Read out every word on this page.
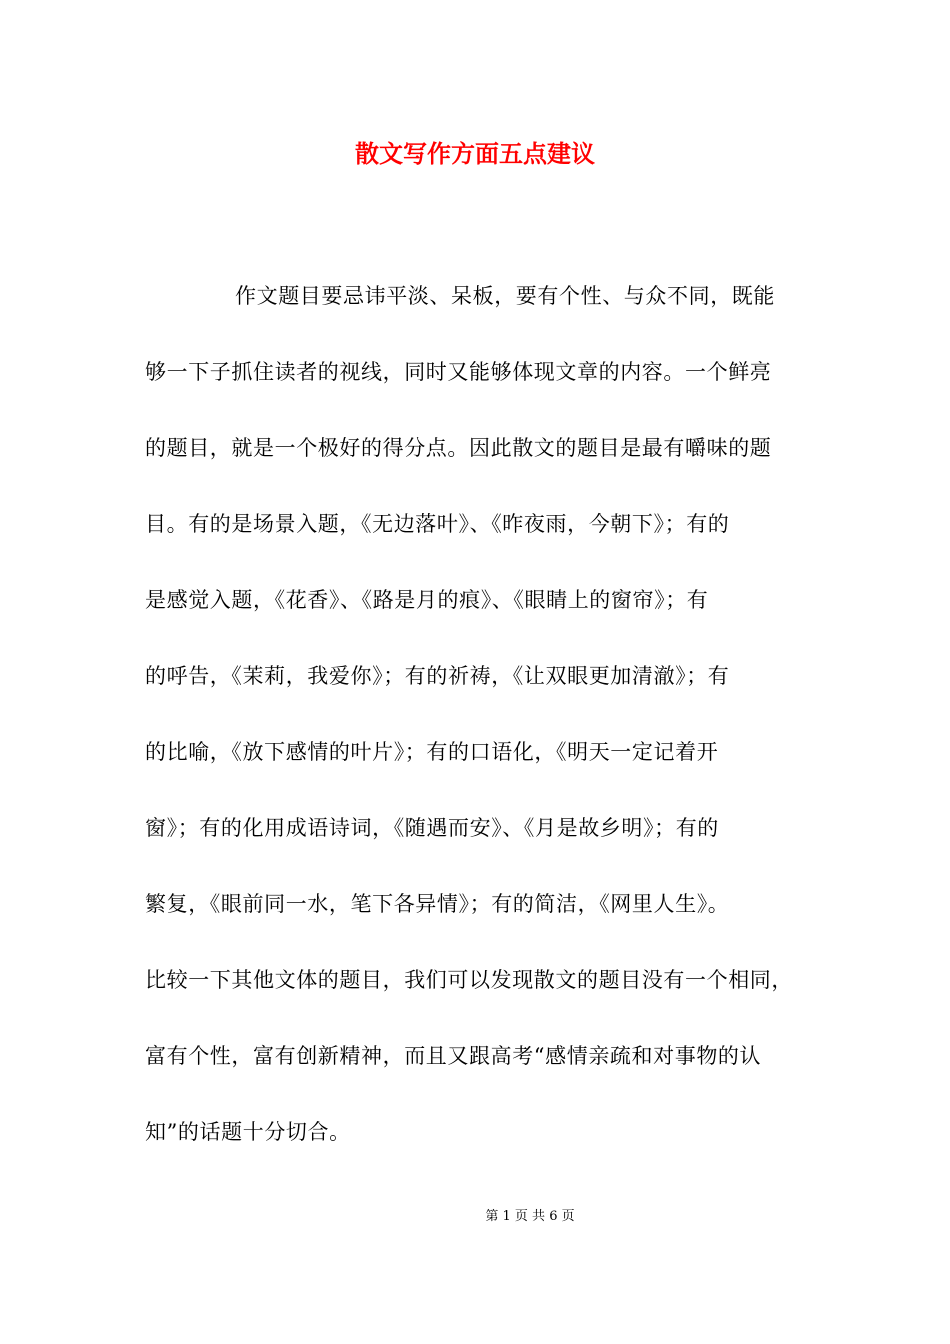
散文写作方面五点建议
作文题目要忌讳平淡、呆板，要有个性、与众不同，既能
够一下子抓住读者的视线，同时又能够体现文章的内容。一个鲜亮
的题目，就是一个极好的得分点。因此散文的题目是最有嚼味的题
目。有的是场景入题，《无边落叶》、《昨夜雨，今朝下》；有的
是感觉入题，《花香》、《路是月的痕》、《眼睛上的窗帘》；有
的呼告，《茉莉，我爱你》；有的祈祷，《让双眼更加清澈》；有
的比喻，《放下感情的叶片》；有的口语化，《明天一定记着开
窗》；有的化用成语诗词，《随遇而安》、《月是故乡明》；有的
繁复，《眼前同一水，笔下各异情》；有的简洁，《网里人生》。
比较一下其他文体的题目，我们可以发现散文的题目没有一个相同，
富有个性，富有创新精神，而且又跟高考“感情亲疏和对事物的认
知”的话题十分切合。
第 1 页 共 6 页
